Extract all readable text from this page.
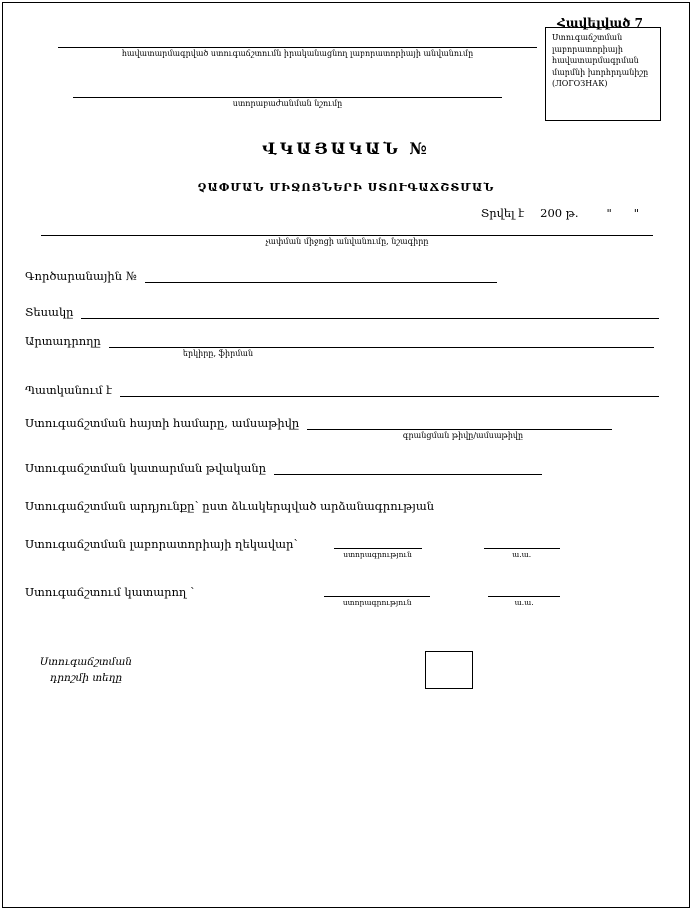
Հավելված 7
հավատարմագրված ստուգաճշտումն իրականացնող լաբորատորիայի անվանումը
ստորաբաժանման նշումը
Ստուգաճշտման լաբորատորիայի հավատարմագրման մարմնի խորհրդանիշը (ЛОГОЗНАК)
ՎԿԱՅԱԿԱՆ №
ՉԱՓՄԱՆ ՄԻՋՈՑՆԵՐԻ ՍՏՈՒԳԱՃՇՏՄԱՆ
Տրվել է 200 թ. "      "
չափման միջոցի անվանումը, նշագիրը
Գործարանային №
Տեսակը
Արտադրողը
երկիրը, ֆիրման
Պատկանում է
Ստուգաճշտման հայտի համարը, ամսաթիվը
գրանցման թիվը/ամսաթիվը
Ստուգաճշտման կատարման թվականը
Ստուգաճշտման արդյունքը՝ ըստ ձևակերպված արձանագրության
Ստուգաճշտման լաբորատորիայի ղեկավար՝
ստորագրություն	ա.ա.
Ստուգաճշտում կատարող ՝
ստորագրություն	ա.ա.
Ստուգաճշտման դրոշմի տեղը
